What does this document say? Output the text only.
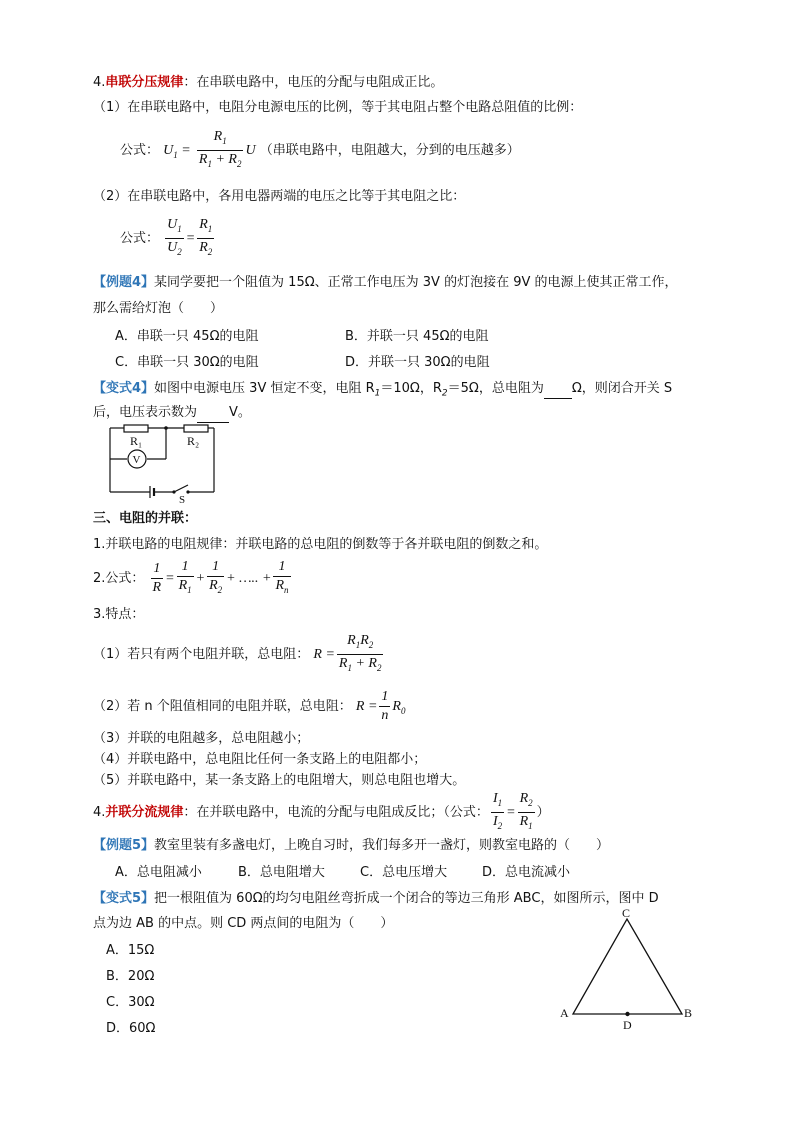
4.串联分压规律：在串联电路中，电压的分配与电阻成正比。
（1）在串联电路中，电阻分电源电压的比例，等于其电阻占整个电路总阻值的比例：
公式： $U_1 = \frac{R_1}{R_1 + R_2}$ U （串联电路中，电阻越大，分到的电压越多）
（2）在串联电路中，各用电器两端的电压之比等于其电阻之比：
公式： $\frac{U_1}{U_2} = \frac{R_1}{R_2}$
【例题4】某同学要把一个阻值为 15Ω、正常工作电压为 3V 的灯泡接在 9V 的电源上使其正常工作，
那么需给灯泡（　　）
A．串联一只 45Ω的电阻	B．并联一只 45Ω的电阻
C．串联一只 30Ω的电阻	D．并联一只 30Ω的电阻
【变式4】如图中电源电压 3V 恒定不变，电阻 $R_1=10\Omega$，$R_2=5\Omega$，总电阻为 Ω，则闭合开关 S
后，电压表示数为 V。
R₁	R₂
V
S
三、电阻的并联：
1.并联电路的电阻规律：并联电路的总电阻的倒数等于各并联电阻的倒数之和。
2.公式： $\frac{1}{R} = \frac{1}{R_1} + \frac{1}{R_2}$ + ….. + $\frac{1}{R_n}$
3.特点：
（1）若只有两个电阻并联，总电阻： $R = \frac{R_1R_2}{R_1 + R_2}$
（2）若 n 个阻值相同的电阻并联，总电阻： $R = \frac{1}{n} R_0$
（3）并联的电阻越多，总电阻越小；
（4）并联电路中，总电阻比任何一条支路上的电阻都小；
（5）并联电路中，某一条支路上的电阻增大，则总电阻也增大。
4.并联分流规律：在并联电路中，电流的分配与电阻成反比；（公式： $\frac{I_1}{I_2} = \frac{R_2}{R_1}$ ）
【例题5】教室里装有多盏电灯，上晚自习时，我们每多开一盏灯，则教室电路的（　　）
A．总电阻减小	B．总电阻增大	C．总电压增大	D．总电流减小
【变式5】把一根阻值为 60Ω的均匀电阻丝弯折成一个闭合的等边三角形 ABC，如图所示，图中 D
点为边 AB 的中点。则 CD 两点间的电阻为（　　）
A．15Ω
B．20Ω
C．30Ω
D．60Ω
A	B
C
D
